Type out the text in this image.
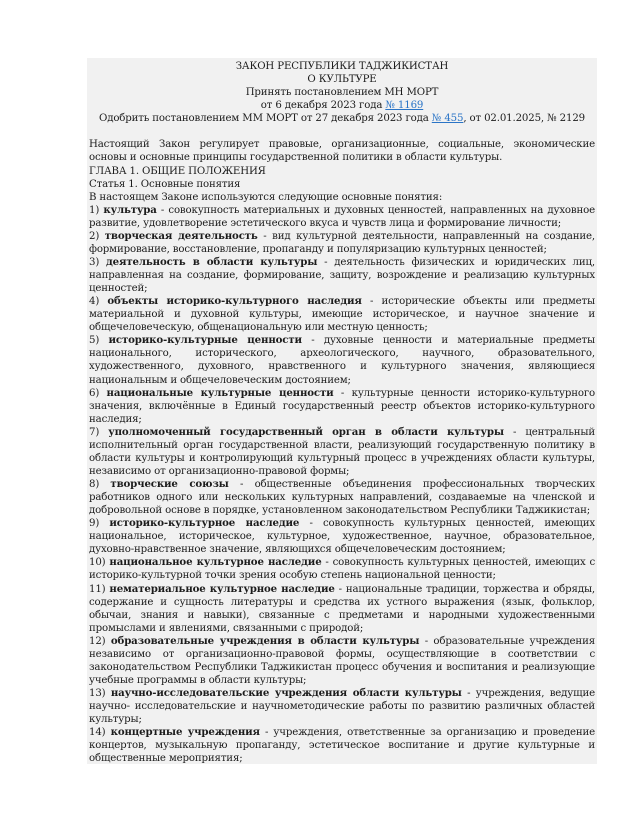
ЗАКОН РЕСПУБЛИКИ ТАДЖИКИСТАН
О КУЛЬТУРЕ
Принять постановлением МН МОРТ
от 6 декабря 2023 года № 1169
Одобрить постановлением ММ МОРТ от 27 декабря 2023 года № 455, от 02.01.2025, № 2129
Настоящий Закон регулирует правовые, организационные, социальные, экономические основы и основные принципы государственной политики в области культуры.
ГЛАВА 1. ОБЩИЕ ПОЛОЖЕНИЯ
Статья 1. Основные понятия
В настоящем Законе используются следующие основные понятия:
1) культура - совокупность материальных и духовных ценностей, направленных на духовное развитие, удовлетворение эстетического вкуса и чувств лица и формирование личности;
2) творческая деятельность - вид культурной деятельности, направленный на создание, формирование, восстановление, пропаганду и популяризацию культурных ценностей;
3) деятельность в области культуры - деятельность физических и юридических лиц, направленная на создание, формирование, защиту, возрождение и реализацию культурных ценностей;
4) объекты историко-культурного наследия - исторические объекты или предметы материальной и духовной культуры, имеющие историческое, и научное значение и общечеловеческую, общенациональную или местную ценность;
5) историко-культурные ценности - духовные ценности и материальные предметы национального, исторического, археологического, научного, образовательного, художественного, духовного, нравственного и культурного значения, являющиеся национальным и общечеловеческим достоянием;
6) национальные культурные ценности - культурные ценности историко-культурного значения, включённые в Единый государственный реестр объектов историко-культурного наследия;
7) уполномоченный государственный орган в области культуры - центральный исполнительный орган государственной власти, реализующий государственную политику в области культуры и контролирующий культурный процесс в учреждениях области культуры, независимо от организационно-правовой формы;
8) творческие союзы - общественные объединения профессиональных творческих работников одного или нескольких культурных направлений, создаваемые на членской и добровольной основе в порядке, установленном законодательством Республики Таджикистан;
9) историко-культурное наследие - совокупность культурных ценностей, имеющих национальное, историческое, культурное, художественное, научное, образовательное, духовно-нравственное значение, являющихся общечеловеческим достоянием;
10) национальное культурное наследие - совокупность культурных ценностей, имеющих с историко-культурной точки зрения особую степень национальной ценности;
11) нематериальное культурное наследие - национальные традиции, торжества и обряды, содержание и сущность литературы и средства их устного выражения (язык, фольклор, обычаи, знания и навыки), связанные с предметами и народными художественными промыслами и явлениями, связанными с природой;
12) образовательные учреждения в области культуры - образовательные учреждения независимо от организационно-правовой формы, осуществляющие в соответствии с законодательством Республики Таджикистан процесс обучения и воспитания и реализующие учебные программы в области культуры;
13) научно-исследовательские учреждения области культуры - учреждения, ведущие научно- исследовательские и научнометодические работы по развитию различных областей культуры;
14) концертные учреждения - учреждения, ответственные за организацию и проведение концертов, музыкальную пропаганду, эстетическое воспитание и другие культурные и общественные мероприятия;
